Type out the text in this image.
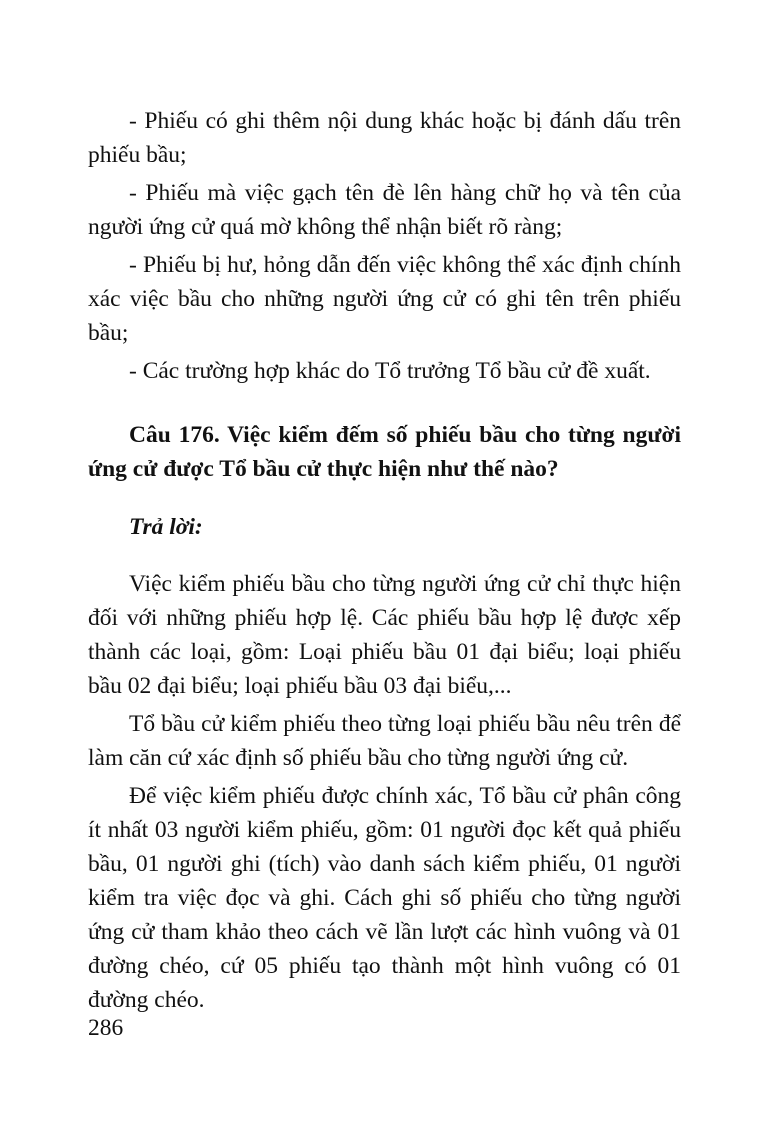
- Phiếu có ghi thêm nội dung khác hoặc bị đánh dấu trên phiếu bầu;

- Phiếu mà việc gạch tên đè lên hàng chữ họ và tên của người ứng cử quá mờ không thể nhận biết rõ ràng;

- Phiếu bị hư, hỏng dẫn đến việc không thể xác định chính xác việc bầu cho những người ứng cử có ghi tên trên phiếu bầu;

- Các trường hợp khác do Tổ trưởng Tổ bầu cử đề xuất.

Câu 176. Việc kiểm đếm số phiếu bầu cho từng người ứng cử được Tổ bầu cử thực hiện như thế nào?

Trả lời:

Việc kiểm phiếu bầu cho từng người ứng cử chỉ thực hiện đối với những phiếu hợp lệ. Các phiếu bầu hợp lệ được xếp thành các loại, gồm: Loại phiếu bầu 01 đại biểu; loại phiếu bầu 02 đại biểu; loại phiếu bầu 03 đại biểu,...

Tổ bầu cử kiểm phiếu theo từng loại phiếu bầu nêu trên để làm căn cứ xác định số phiếu bầu cho từng người ứng cử.

Để việc kiểm phiếu được chính xác, Tổ bầu cử phân công ít nhất 03 người kiểm phiếu, gồm: 01 người đọc kết quả phiếu bầu, 01 người ghi (tích) vào danh sách kiểm phiếu, 01 người kiểm tra việc đọc và ghi. Cách ghi số phiếu cho từng người ứng cử tham khảo theo cách vẽ lần lượt các hình vuông và 01 đường chéo, cứ 05 phiếu tạo thành một hình vuông có 01 đường chéo.

286
